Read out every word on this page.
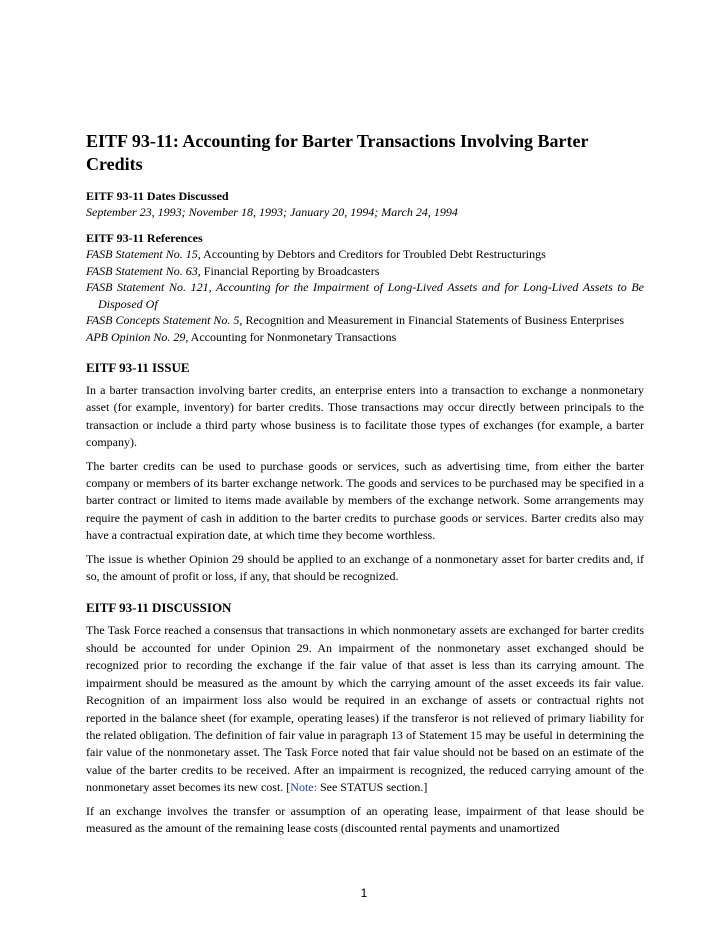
EITF 93-11: Accounting for Barter Transactions Involving Barter Credits

EITF 93-11 Dates Discussed

September 23, 1993; November 18, 1993; January 20, 1994; March 24, 1994

EITF 93-11 References

FASB Statement No. 15, Accounting by Debtors and Creditors for Troubled Debt Restructurings

FASB Statement No. 63, Financial Reporting by Broadcasters

FASB Statement No. 121, Accounting for the Impairment of Long-Lived Assets and for Long-Lived Assets to Be Disposed Of

FASB Concepts Statement No. 5, Recognition and Measurement in Financial Statements of Business Enterprises

APB Opinion No. 29, Accounting for Nonmonetary Transactions

EITF 93-11 ISSUE

In a barter transaction involving barter credits, an enterprise enters into a transaction to exchange a nonmonetary asset (for example, inventory) for barter credits. Those transactions may occur directly between principals to the transaction or include a third party whose business is to facilitate those types of exchanges (for example, a barter company).

The barter credits can be used to purchase goods or services, such as advertising time, from either the barter company or members of its barter exchange network. The goods and services to be purchased may be specified in a barter contract or limited to items made available by members of the exchange network. Some arrangements may require the payment of cash in addition to the barter credits to purchase goods or services. Barter credits also may have a contractual expiration date, at which time they become worthless.

The issue is whether Opinion 29 should be applied to an exchange of a nonmonetary asset for barter credits and, if so, the amount of profit or loss, if any, that should be recognized.

EITF 93-11 DISCUSSION

The Task Force reached a consensus that transactions in which nonmonetary assets are exchanged for barter credits should be accounted for under Opinion 29. An impairment of the nonmonetary asset exchanged should be recognized prior to recording the exchange if the fair value of that asset is less than its carrying amount. The impairment should be measured as the amount by which the carrying amount of the asset exceeds its fair value. Recognition of an impairment loss also would be required in an exchange of assets or contractual rights not reported in the balance sheet (for example, operating leases) if the transferor is not relieved of primary liability for the related obligation. The definition of fair value in paragraph 13 of Statement 15 may be useful in determining the fair value of the nonmonetary asset. The Task Force noted that fair value should not be based on an estimate of the value of the barter credits to be received. After an impairment is recognized, the reduced carrying amount of the nonmonetary asset becomes its new cost. [Note: See STATUS section.]

If an exchange involves the transfer or assumption of an operating lease, impairment of that lease should be measured as the amount of the remaining lease costs (discounted rental payments and unamortized

1
